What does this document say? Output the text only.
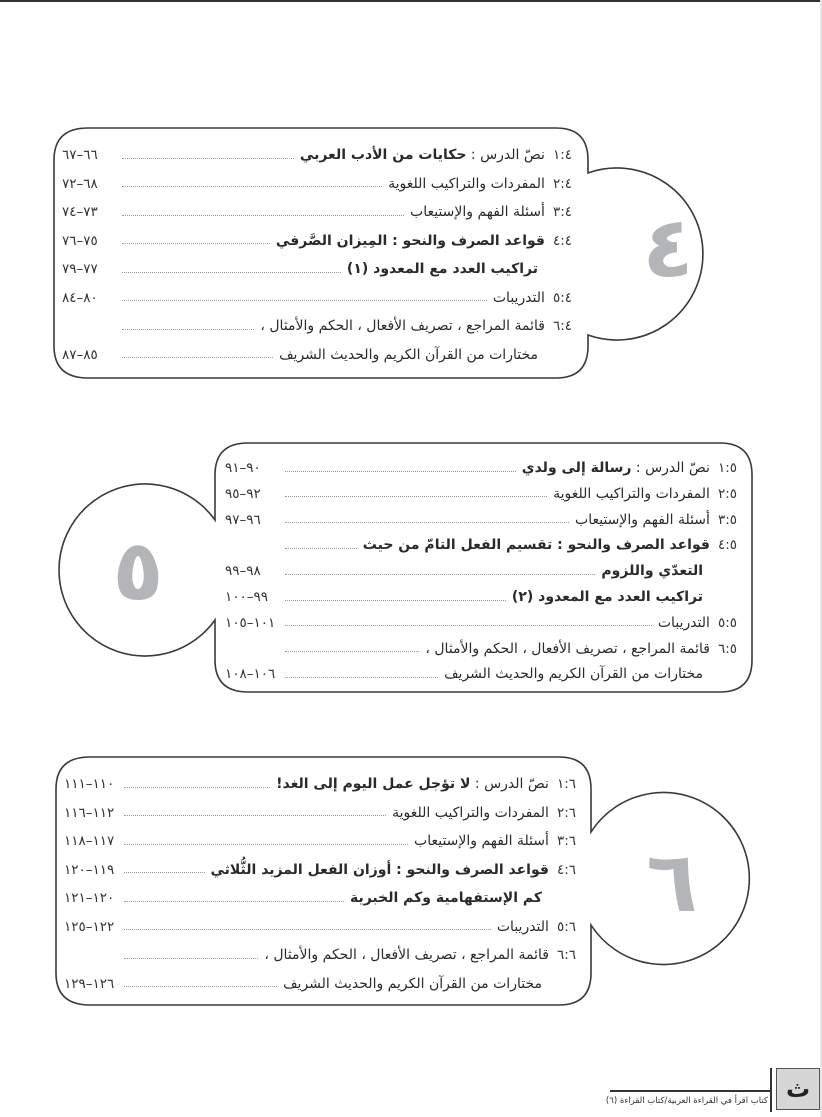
٤
٥
٦
١:٤
نصّ الدرس : حكايات من الأدب العربي
٦٦–٦٧
٢:٤
المفردات والتراكيب اللغوية
٦٨–٧٢
٣:٤
أسئلة الفهم والإستيعاب
٧٣–٧٤
٤:٤
قواعد الصرف والنحو : المِيزان الصَّرفي
٧٥–٧٦
تراكيب العدد مع المعدود (١)
٧٧–٧٩
٥:٤
التدريبات
٨٠–٨٤
٦:٤
قائمة المراجع ، تصريف الأفعال ، الحكم والأمثال ،
مختارات من القرآن الكريم والحديث الشريف
٨٥–٨٧
١:٥
نصّ الدرس : رسالة إلى ولدي
٩٠–٩١
٢:٥
المفردات والتراكيب اللغوية
٩٢–٩٥
٣:٥
أسئلة الفهم والإستيعاب
٩٦–٩٧
٤:٥
قواعد الصرف والنحو : تقسيم الفعل التامّ من حيث
التعدّي واللزوم
٩٨–٩٩
تراكيب العدد مع المعدود (٢)
٩٩–١٠٠
٥:٥
التدريبات
١٠١–١٠٥
٦:٥
قائمة المراجع ، تصريف الأفعال ، الحكم والأمثال ،
مختارات من القرآن الكريم والحديث الشريف
١٠٦–١٠٨
١:٦
نصّ الدرس : لا تؤجل عمل اليوم إلى الغد!
١١٠–١١١
٢:٦
المفردات والتراكيب اللغوية
١١٢–١١٦
٣:٦
أسئلة الفهم والإستيعاب
١١٧–١١٨
٤:٦
قواعد الصرف والنحو : أوزان الفعل المزيد الثُّلاثي
١١٩–١٢٠
كم الإستفهامية وكم الخبرية
١٢٠–١٢١
٥:٦
التدريبات
١٢٢–١٢٥
٦:٦
قائمة المراجع ، تصريف الأفعال ، الحكم والأمثال ،
مختارات من القرآن الكريم والحديث الشريف
١٢٦–١٢٩
ث
كتاب اقرأ في القراءة العربية/كتاب القراءة (٦)
